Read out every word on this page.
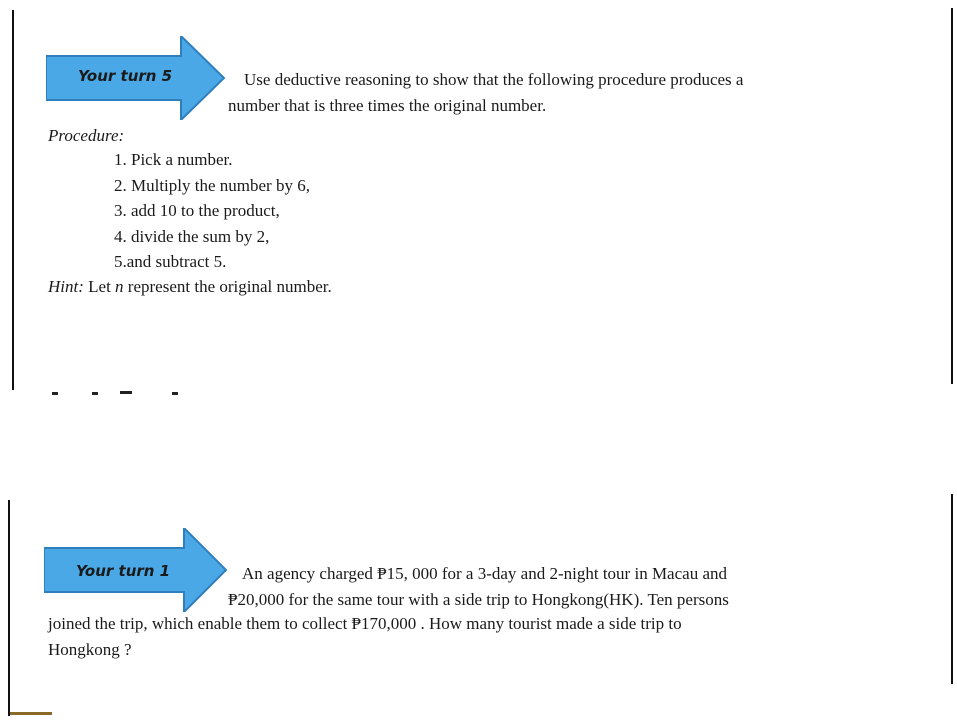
Your turn 5	Use deductive reasoning to show that the following procedure produces a
number that is three times the original number.
Procedure:
1. Pick a number.
2. Multiply the number by 6,
3. add 10 to the product,
4. divide the sum by 2,
5.and subtract 5.
Hint: Let n represent the original number.
Your turn 1	An agency charged ₱15, 000 for a 3-day and 2-night tour in Macau and
₱20,000 for the same tour with a side trip to Hongkong(HK). Ten persons
joined the trip, which enable them to collect ₱170,000 . How many tourist made a side trip to
Hongkong ?
